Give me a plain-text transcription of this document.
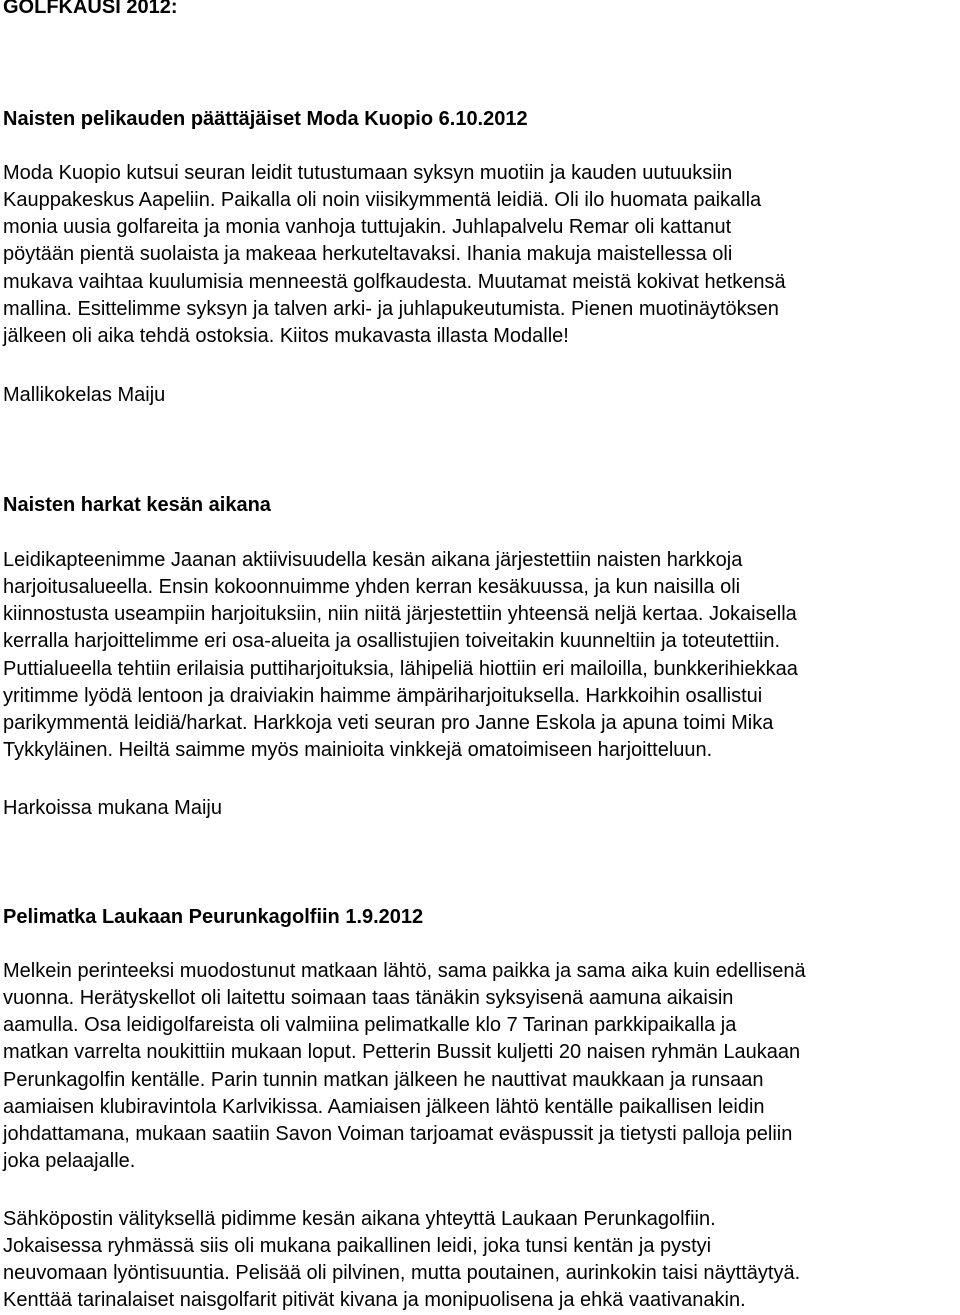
GOLFKAUSI 2012:
Naisten pelikauden päättäjäiset Moda Kuopio 6.10.2012

Moda Kuopio kutsui seuran leidit tutustumaan syksyn muotiin ja kauden uutuuksiin
Kauppakeskus Aapeliin. Paikalla oli noin viisikymmentä leidiä. Oli ilo huomata paikalla
monia uusia golfareita ja monia vanhoja tuttujakin. Juhlapalvelu Remar oli kattanut
pöytään pientä suolaista ja makeaa herkuteltavaksi. Ihania makuja maistellessa oli
mukava vaihtaa kuulumisia menneestä golfkaudesta. Muutamat meistä kokivat hetkensä
mallina. Esittelimme syksyn ja talven arki- ja juhlapukeutumista. Pienen muotinäytöksen
jälkeen oli aika tehdä ostoksia. Kiitos mukavasta illasta Modalle!

Mallikokelas Maiju

Naisten harkat kesän aikana

Leidikapteenimme Jaanan aktiivisuudella kesän aikana järjestettiin naisten harkkoja
harjoitusalueella. Ensin kokoonnuimme yhden kerran kesäkuussa, ja kun naisilla oli
kiinnostusta useampiin harjoituksiin, niin niitä järjestettiin yhteensä neljä kertaa. Jokaisella
kerralla harjoittelimme eri osa-alueita ja osallistujien toiveitakin kuunneltiin ja toteutettiin.
Puttialueella tehtiin erilaisia puttiharjoituksia, lähipeliä hiottiin eri mailoilla, bunkkerihiekkaa
yritimme lyödä lentoon ja draiviakin haimme ämpäriharjoituksella. Harkkoihin osallistui
parikymmentä leidiä/harkat. Harkkoja veti seuran pro Janne Eskola ja apuna toimi Mika
Tykkyläinen. Heiltä saimme myös mainioita vinkkejä omatoimiseen harjoitteluun.

Harkoissa mukana Maiju

Pelimatka Laukaan Peurunkagolfiin 1.9.2012

Melkein perinteeksi muodostunut matkaan lähtö, sama paikka ja sama aika kuin edellisenä
vuonna. Herätyskellot oli laitettu soimaan taas tänäkin syksyisenä aamuna aikaisin
aamulla. Osa leidigolfareista oli valmiina pelimatkalle klo 7 Tarinan parkkipaikalla ja
matkan varrelta noukittiin mukaan loput. Petterin Bussit kuljetti 20 naisen ryhmän Laukaan
Perunkagolfin kentälle. Parin tunnin matkan jälkeen he nauttivat maukkaan ja runsaan
aamiaisen klubiravintola Karlvikissa. Aamiaisen jälkeen lähtö kentälle paikallisen leidin
johdattamana, mukaan saatiin Savon Voiman tarjoamat eväspussit ja tietysti palloja peliin
joka pelaajalle.

Sähköpostin välityksellä pidimme kesän aikana yhteyttä Laukaan Perunkagolfiin.
Jokaisessa ryhmässä siis oli mukana paikallinen leidi, joka tunsi kentän ja pystyi
neuvomaan lyöntisuuntia. Pelisää oli pilvinen, mutta poutainen, aurinkokin taisi näyttäytyä.
Kenttää tarinalaiset naisgolfarit pitivät kivana ja monipuolisena ja ehkä vaativanakin.
